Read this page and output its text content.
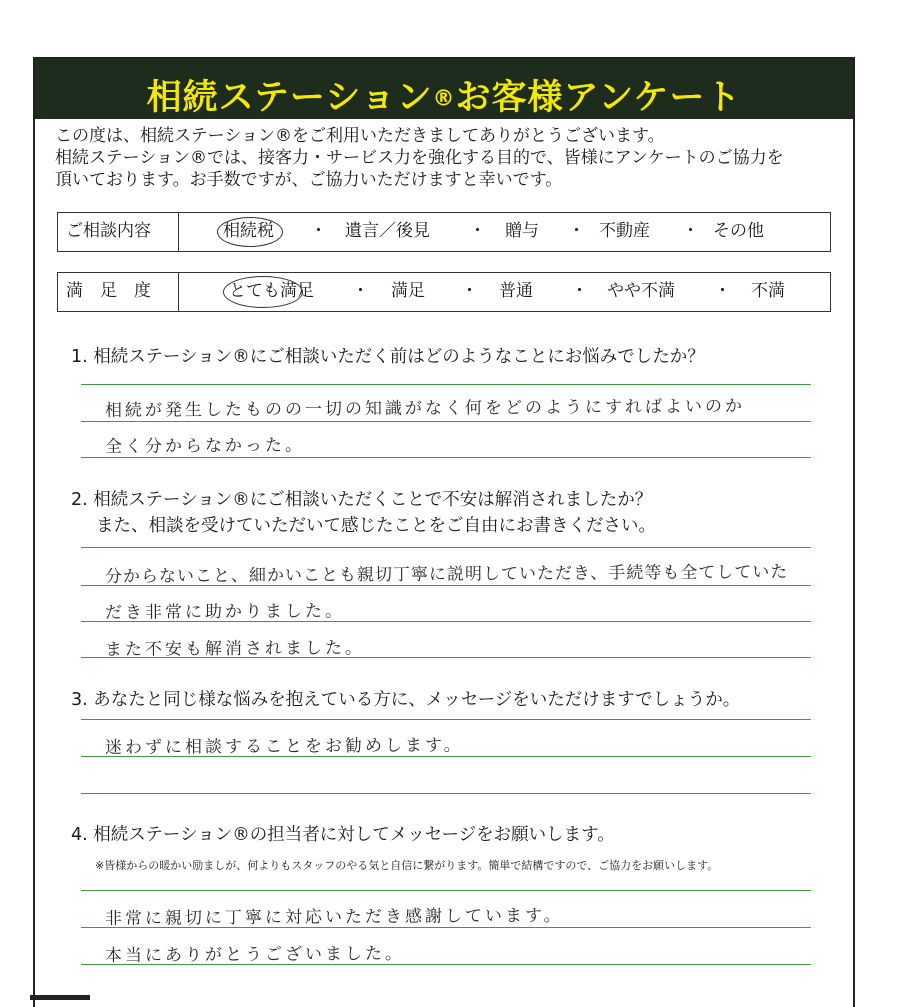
相続ステーション®お客様アンケート
この度は、相続ステーション®をご利用いただきましてありがとうございます。
相続ステーション®では、接客力・サービス力を強化する目的で、皆様にアンケートのご協力を
頂いております。お手数ですが、ご協力いただけますと幸いです。
ご相談内容	相続税 ・ 遺言／後見 ・ 贈与 ・ 不動産 ・ その他
満　足　度	とても満足 ・ 満足 ・ 普通 ・ やや不満 ・ 不満
1. 相続ステーション®にご相談いただく前はどのようなことにお悩みでしたか？
相続が発生したものの一切の知識がなく何をどのようにすればよいのか
全く分からなかった。
2. 相続ステーション®にご相談いただくことで不安は解消されましたか？
また、相談を受けていただいて感じたことをご自由にお書きください。
分からないこと、細かいことも親切丁寧に説明していただき、手続等も全てしていた
だき非常に助かりました。
また不安も解消されました。
3. あなたと同じ様な悩みを抱えている方に、メッセージをいただけますでしょうか。
迷わずに相談することをお勧めします。
4. 相続ステーション®の担当者に対してメッセージをお願いします。
※皆様からの暖かい励ましが、何よりもスタッフのやる気と自信に繋がります。簡単で結構ですので、ご協力をお願いします。
非常に親切に丁寧に対応いただき感謝しています。
本当にありがとうございました。
